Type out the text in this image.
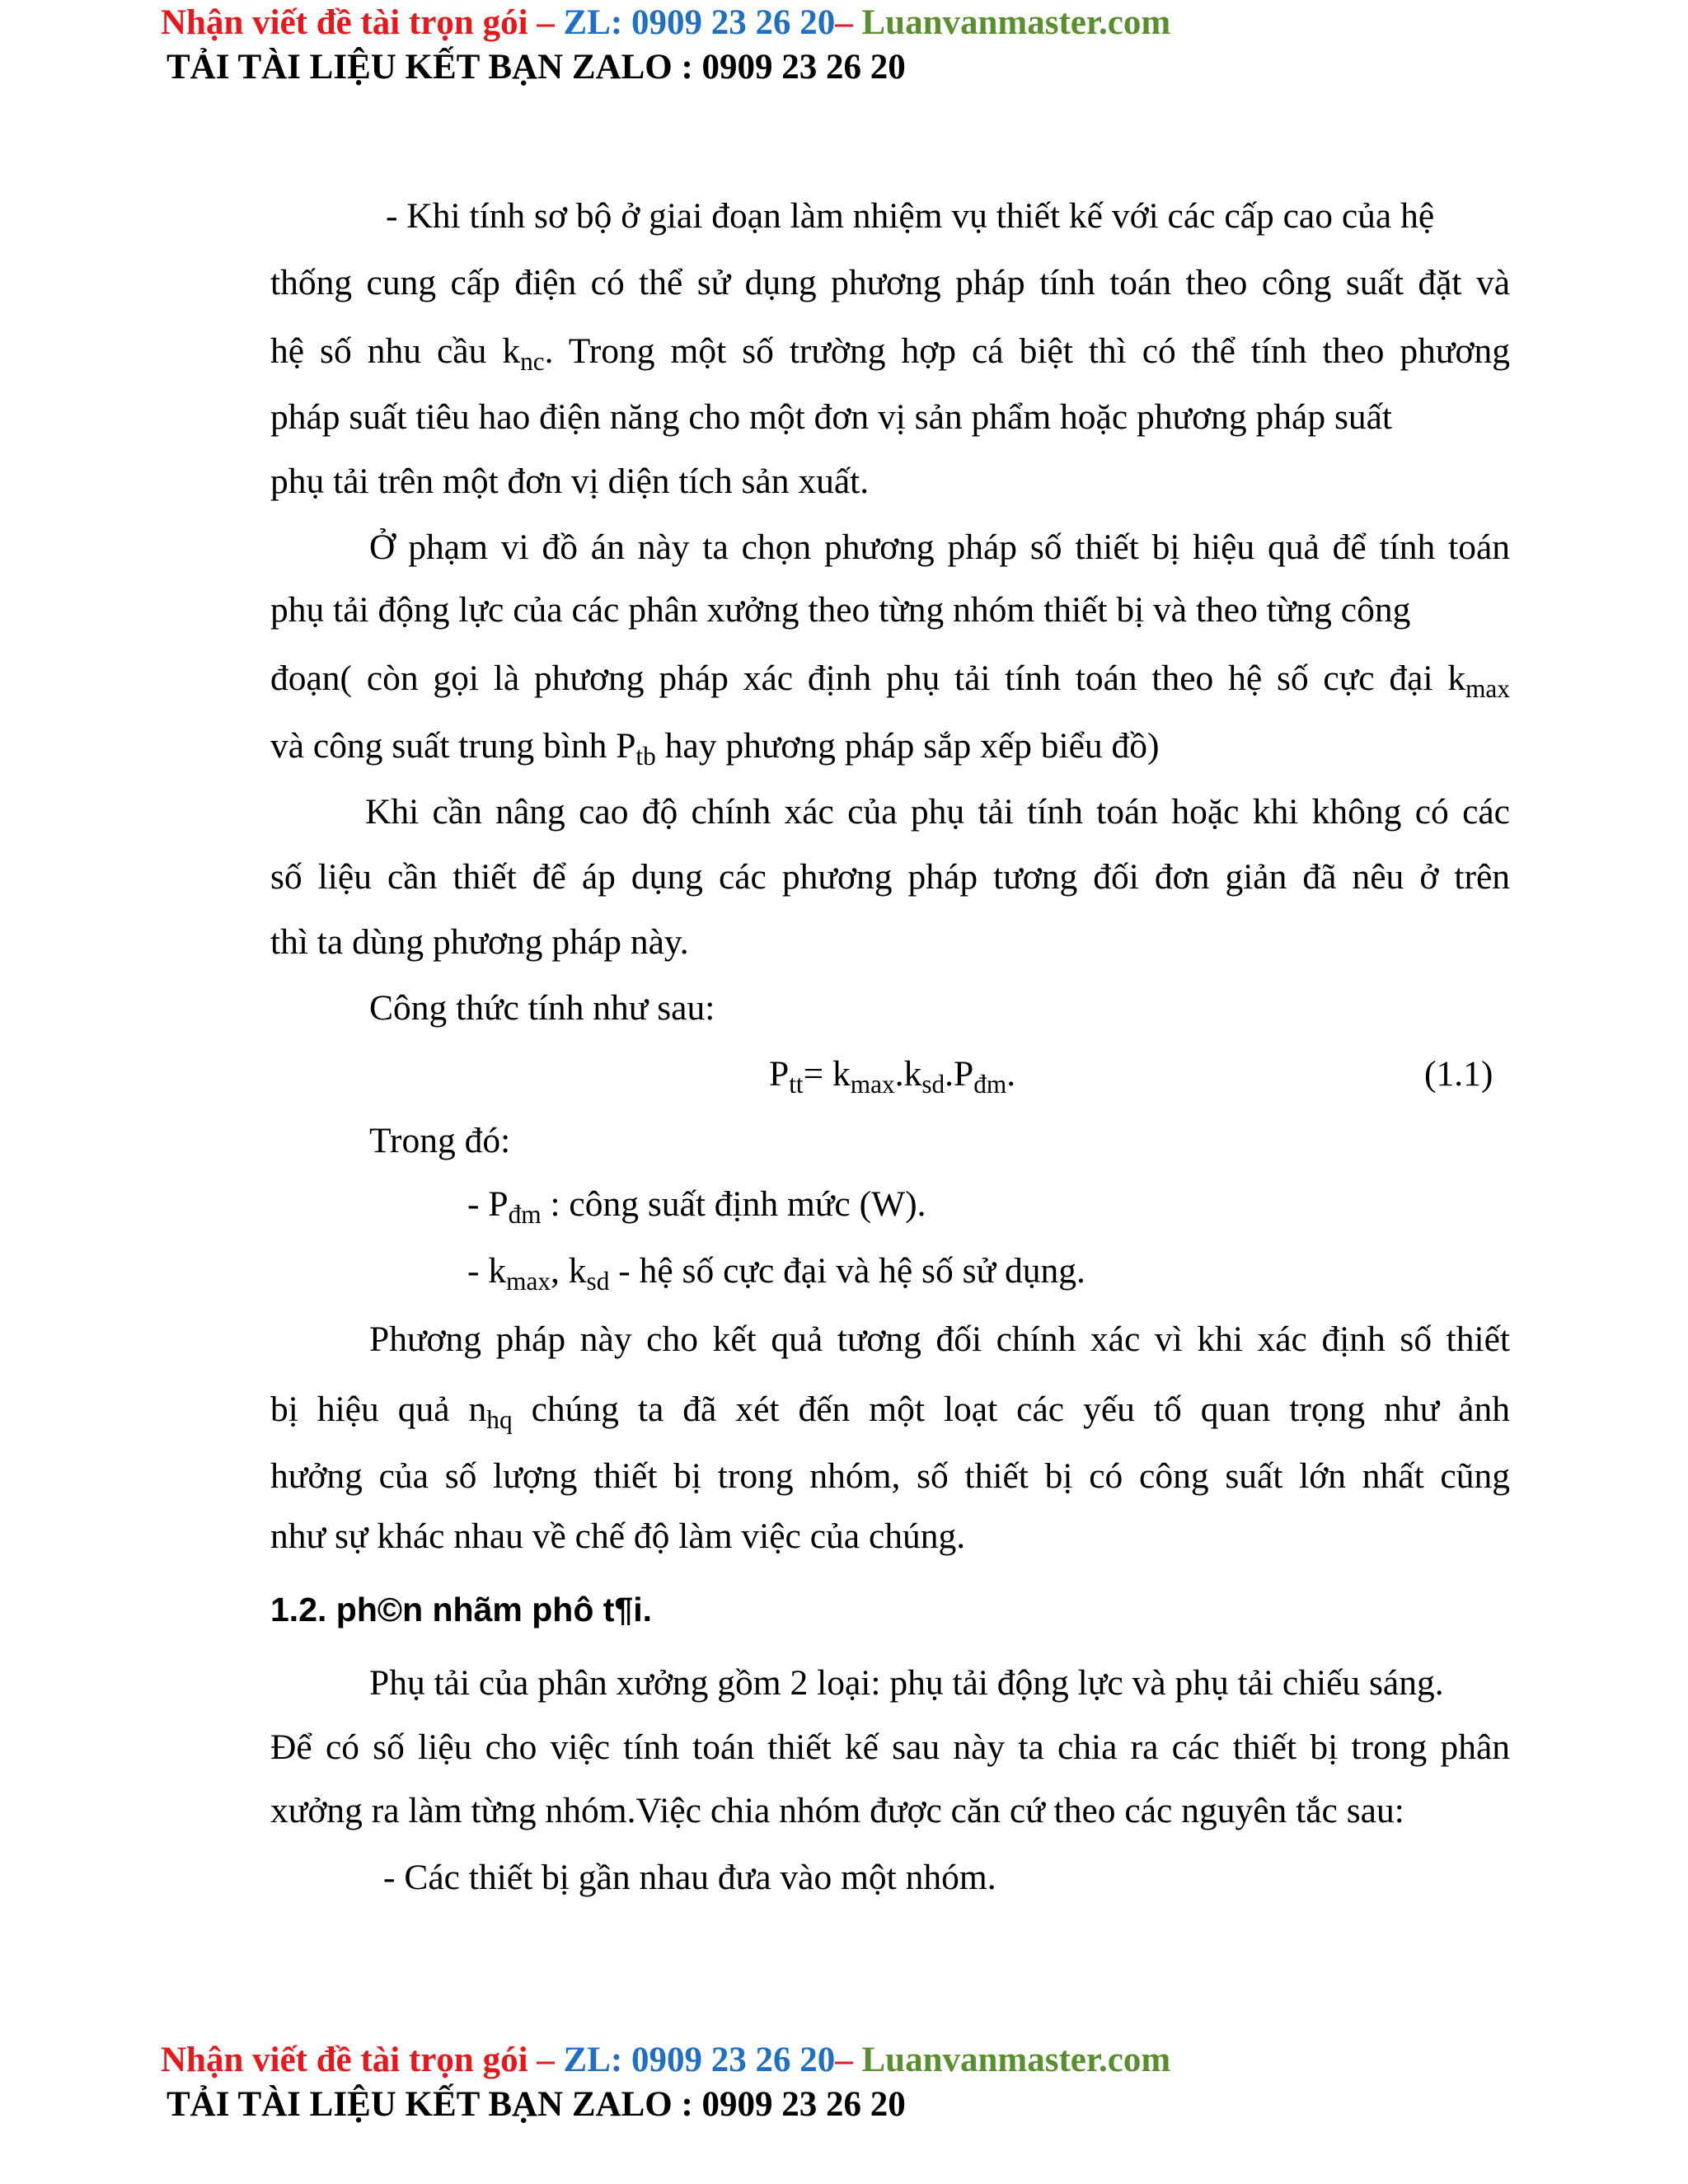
Nhận viết đề tài trọn gói – ZL: 0909 23 26 20– Luanvanmaster.com
TẢI TÀI LIỆU KẾT BẠN ZALO : 0909 23 26 20
- Khi tính sơ bộ ở giai đoạn làm nhiệm vụ thiết kế với các cấp cao của hệ
thống cung cấp điện có thể sử dụng phương pháp tính toán theo công suất đặt và
hệ số nhu cầu $k_{nc}$. Trong một số trường hợp cá biệt thì có thể tính theo phương
pháp suất tiêu hao điện năng cho một đơn vị sản phẩm hoặc phương pháp suất
phụ tải trên một đơn vị diện tích sản xuất.
Ở phạm vi đồ án này ta chọn phương pháp số thiết bị hiệu quả để tính toán
phụ tải động lực của các phân xưởng theo từng nhóm thiết bị và theo từng công
đoạn( còn gọi là phương pháp xác định phụ tải tính toán theo hệ số cực đại $k_{max}$
và công suất trung bình $P_{tb}$ hay phương pháp sắp xếp biểu đồ)
Khi cần nâng cao độ chính xác của phụ tải tính toán hoặc khi không có các
số liệu cần thiết để áp dụng các phương pháp tương đối đơn giản đã nêu ở trên
thì ta dùng phương pháp này.
Công thức tính như sau:
$P_{tt}= k_{max}.k_{sd}.P_{đm}$.	(1.1)
Trong đó:
- $P_{đm}$ : công suất định mức (W).
- $k_{max}$, $k_{sd}$ - hệ số cực đại và hệ số sử dụng.
Phương pháp này cho kết quả tương đối chính xác vì khi xác định số thiết
bị hiệu quả $n_{hq}$ chúng ta đã xét đến một loạt các yếu tố quan trọng như ảnh
hưởng của số lượng thiết bị trong nhóm, số thiết bị có công suất lớn nhất cũng
như sự khác nhau về chế độ làm việc của chúng.
1.2. ph©n nhãm phô t¶i.
Phụ tải của phân xưởng gồm 2 loại: phụ tải động lực và phụ tải chiếu sáng.
Để có số liệu cho việc tính toán thiết kế sau này ta chia ra các thiết bị trong phân
xưởng ra làm từng nhóm.Việc chia nhóm được căn cứ theo các nguyên tắc sau:
- Các thiết bị gần nhau đưa vào một nhóm.
Nhận viết đề tài trọn gói – ZL: 0909 23 26 20– Luanvanmaster.com
TẢI TÀI LIỆU KẾT BẠN ZALO : 0909 23 26 20
